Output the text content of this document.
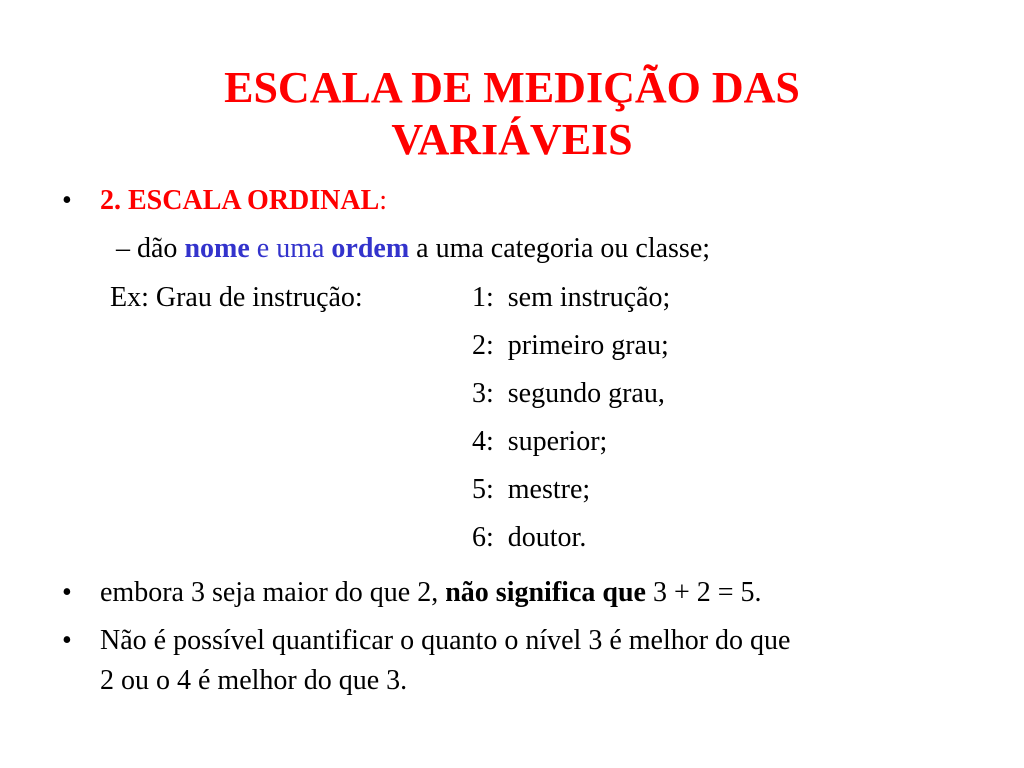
ESCALA DE MEDIÇÃO DAS
VARIÁVEIS
• 2. ESCALA ORDINAL:
– dão nome e uma ordem a uma categoria ou classe;
Ex: Grau de instrução:	1: sem instrução;
2: primeiro grau;
3: segundo grau,
4: superior;
5: mestre;
6: doutor.
• embora 3 seja maior do que 2, não significa que 3 + 2 = 5.
• Não é possível quantificar o quanto o nível 3 é melhor do que
2 ou o 4 é melhor do que 3.
